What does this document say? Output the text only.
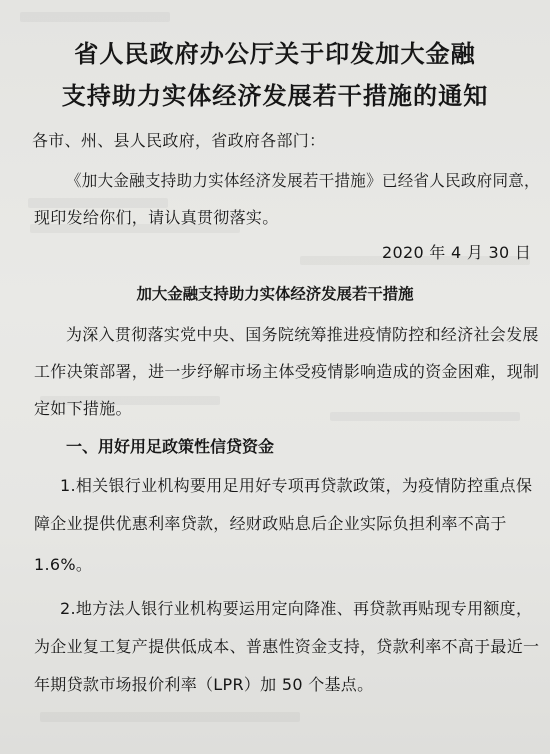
省人民政府办公厅关于印发加大金融
支持助力实体经济发展若干措施的通知
各市、州、县人民政府，省政府各部门：
《加大金融支持助力实体经济发展若干措施》已经省人民政府同意，
现印发给你们，请认真贯彻落实。
2020 年 4 月 30 日
加大金融支持助力实体经济发展若干措施
为深入贯彻落实党中央、国务院统筹推进疫情防控和经济社会发展
工作决策部署，进一步纾解市场主体受疫情影响造成的资金困难，现制
定如下措施。
一、用好用足政策性信贷资金
1.相关银行业机构要用足用好专项再贷款政策，为疫情防控重点保
障企业提供优惠利率贷款，经财政贴息后企业实际负担利率不高于
1.6%。
2.地方法人银行业机构要运用定向降准、再贷款再贴现专用额度，
为企业复工复产提供低成本、普惠性资金支持，贷款利率不高于最近一
年期贷款市场报价利率（LPR）加 50 个基点。
